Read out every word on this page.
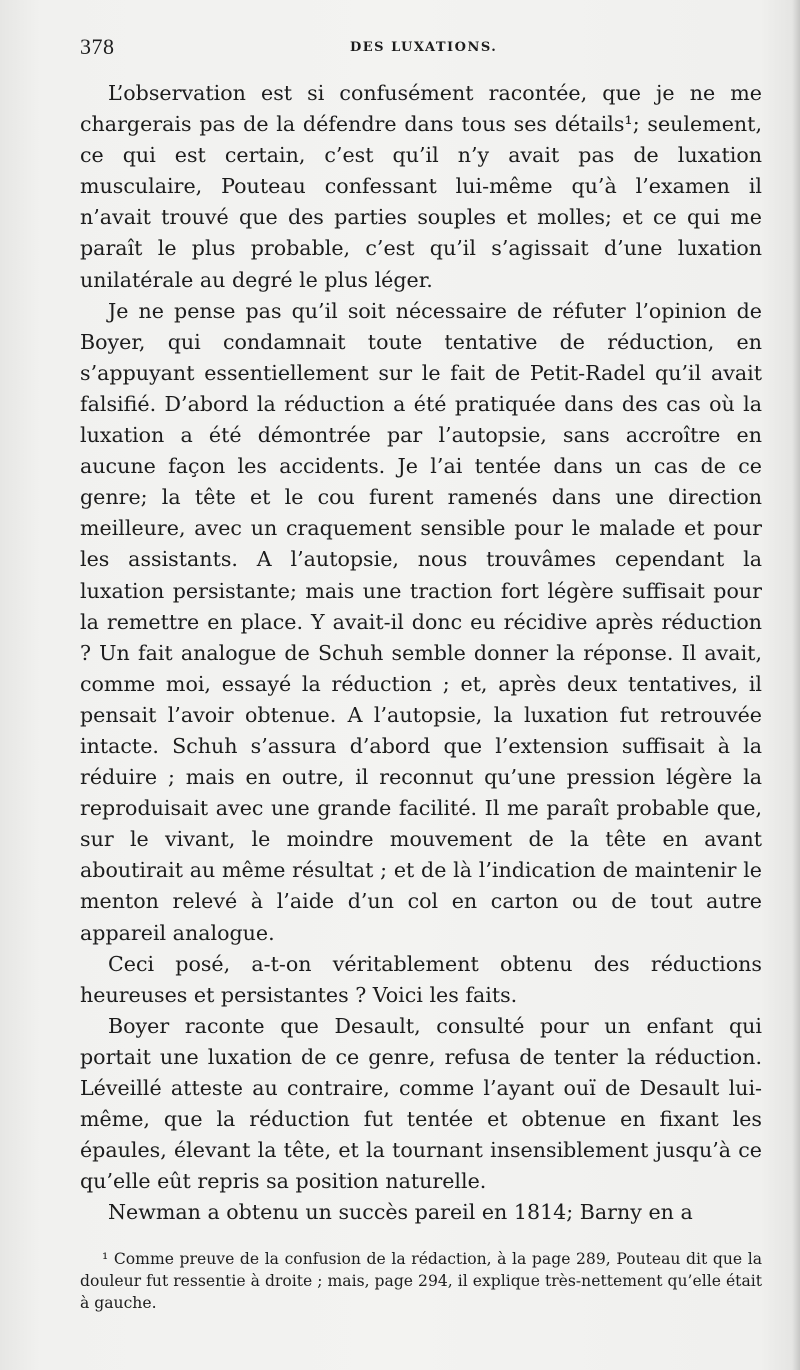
378	DES LUXATIONS.

L’observation est si confusément racontée, que je ne me chargerais pas de la défendre dans tous ses détails¹; seulement, ce qui est certain, c’est qu’il n’y avait pas de luxation musculaire, Pouteau confessant lui-même qu’à l’examen il n’avait trouvé que des parties souples et molles; et ce qui me paraît le plus probable, c’est qu’il s’agissait d’une luxation unilatérale au degré le plus léger.

Je ne pense pas qu’il soit nécessaire de réfuter l’opinion de Boyer, qui condamnait toute tentative de réduction, en s’appuyant essentiellement sur le fait de Petit-Radel qu’il avait falsifié. D’abord la réduction a été pratiquée dans des cas où la luxation a été démontrée par l’autopsie, sans accroître en aucune façon les accidents. Je l’ai tentée dans un cas de ce genre; la tête et le cou furent ramenés dans une direction meilleure, avec un craquement sensible pour le malade et pour les assistants. A l’autopsie, nous trouvâmes cependant la luxation persistante; mais une traction fort légère suffisait pour la remettre en place. Y avait-il donc eu récidive après réduction ? Un fait analogue de Schuh semble donner la réponse. Il avait, comme moi, essayé la réduction ; et, après deux tentatives, il pensait l’avoir obtenue. A l’autopsie, la luxation fut retrouvée intacte. Schuh s’assura d’abord que l’extension suffisait à la réduire ; mais en outre, il reconnut qu’une pression légère la reproduisait avec une grande facilité. Il me paraît probable que, sur le vivant, le moindre mouvement de la tête en avant aboutirait au même résultat ; et de là l’indication de maintenir le menton relevé à l’aide d’un col en carton ou de tout autre appareil analogue.

Ceci posé, a-t-on véritablement obtenu des réductions heureuses et persistantes ? Voici les faits.

Boyer raconte que Desault, consulté pour un enfant qui portait une luxation de ce genre, refusa de tenter la réduction. Léveillé atteste au contraire, comme l’ayant ouï de Desault lui-même, que la réduction fut tentée et obtenue en fixant les épaules, élevant la tête, et la tournant insensiblement jusqu’à ce qu’elle eût repris sa position naturelle.

Newman a obtenu un succès pareil en 1814; Barny en a

¹ Comme preuve de la confusion de la rédaction, à la page 289, Pouteau dit que la douleur fut ressentie à droite ; mais, page 294, il explique très-nettement qu’elle était à gauche.
